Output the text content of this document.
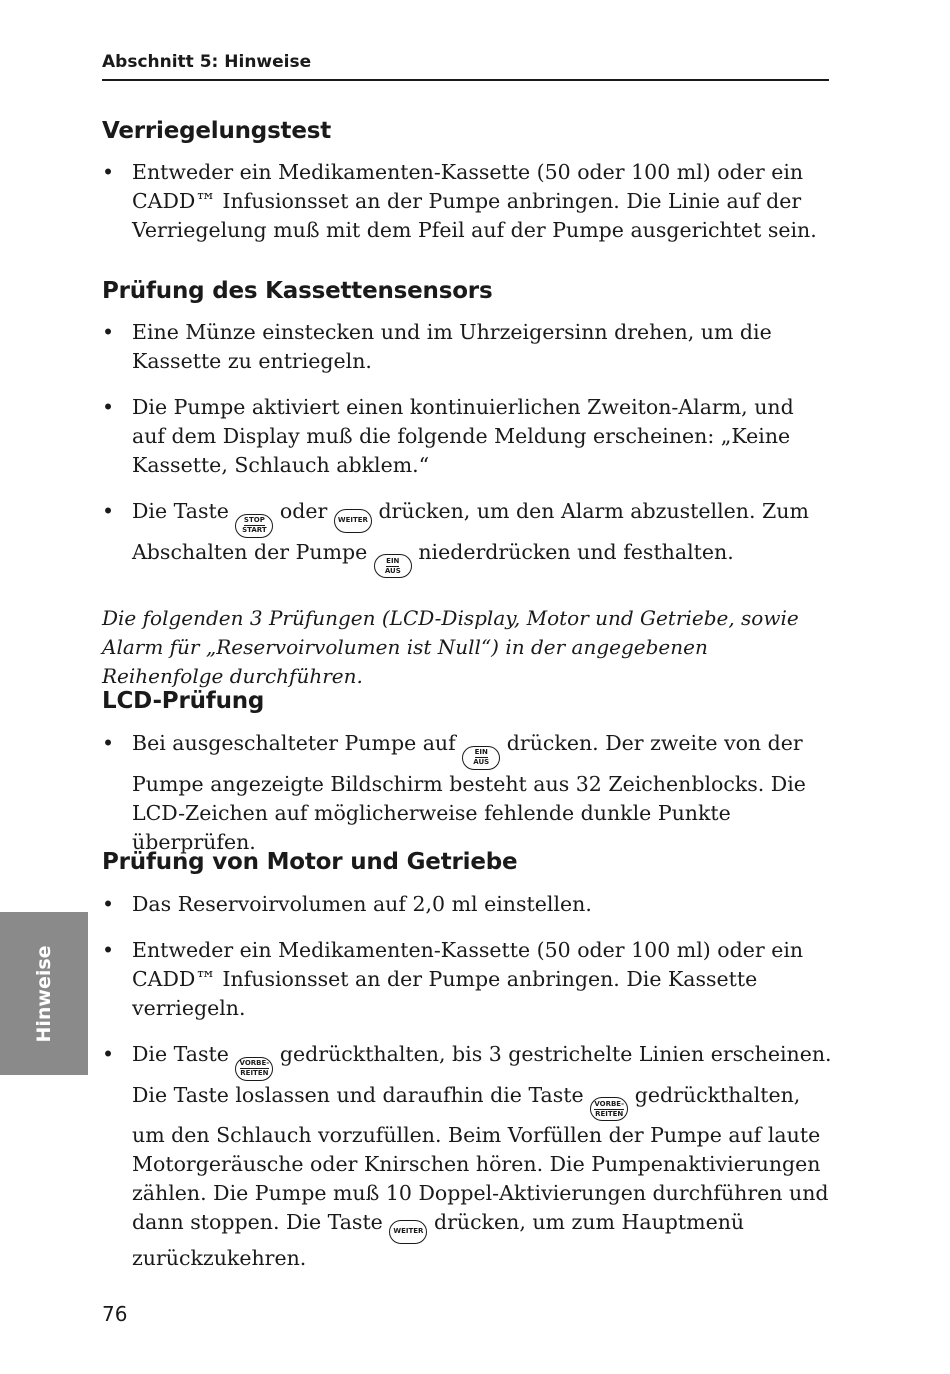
Abschnitt 5: Hinweise
Verriegelungstest
• Entweder ein Medikamenten-Kassette (50 oder 100 ml) oder ein CADD™ Infusionsset an der Pumpe anbringen. Die Linie auf der Verriegelung muß mit dem Pfeil auf der Pumpe ausgerichtet sein.
Prüfung des Kassettensensors
• Eine Münze einstecken und im Uhrzeigersinn drehen, um die Kassette zu entriegeln.
• Die Pumpe aktiviert einen kontinuierlichen Zweiton-Alarm, und auf dem Display muß die folgende Meldung erscheinen: „Keine Kassette, Schlauch abklem.“
• Die Taste STOP
START
oder WEITER drücken, um den Alarm abzustellen. Zum Abschalten der Pumpe	EIN
AUS
niederdrücken und festhalten.

Die folgenden 3 Prüfungen (LCD-Display, Motor und Getriebe, sowie Alarm für „Reservoirvolumen ist Null“) in der angegebenen Reihenfolge durchführen.

LCD-Prüfung
• Bei ausgeschalteter Pumpe auf	EIN
AUS
drücken. Der zweite von der Pumpe angezeigte Bildschirm besteht aus 32 Zeichenblocks. Die LCD-Zeichen auf möglicherweise fehlende dunkle Punkte überprüfen.
Prüfung von Motor und Getriebe
• Das Reservoirvolumen auf 2,0 ml einstellen.
• Entweder ein Medikamenten-Kassette (50 oder 100 ml) oder ein CADD™ Infusionsset an der Pumpe anbringen. Die Kassette verriegeln.
• Die Taste VORBE-
REITEN
gedrückthalten, bis 3 gestrichelte Linien erscheinen. Die Taste loslassen und daraufhin die Taste VORBE-
REITEN
gedrückthalten, um den Schlauch vorzufüllen. Beim Vorfüllen der Pumpe auf laute Motorgeräusche oder Knirschen hören. Die Pumpenaktivierungen zählen. Die Pumpe muß 10 Doppel-Aktivierungen durchführen und dann stoppen. Die Taste WEITER drücken, um zum Hauptmenü zurückzukehren.
Hinweise
76
